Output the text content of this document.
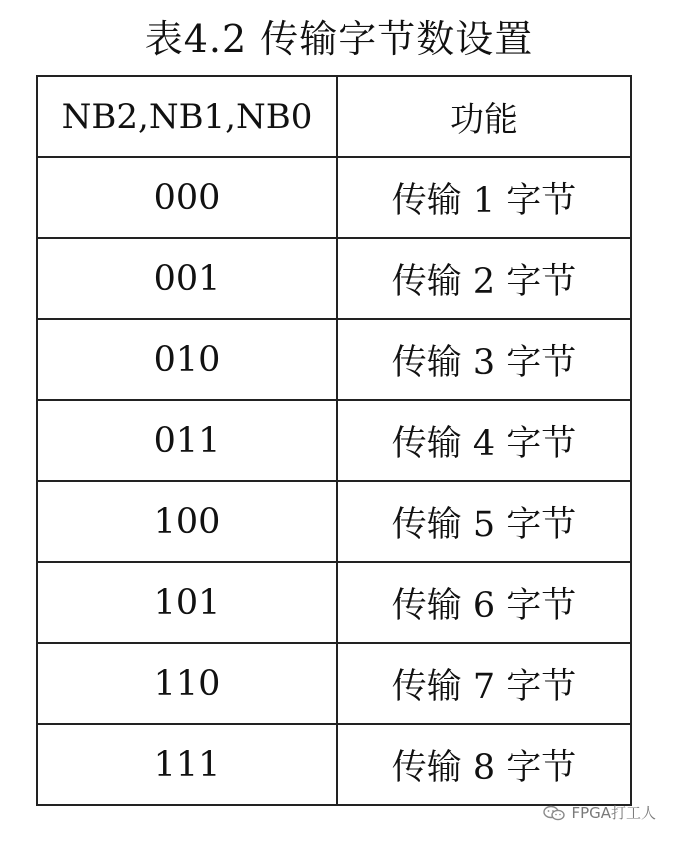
表4.2 传输字节数设置
NB2,NB1,NB0	功能
000	传输 1 字节
001	传输 2 字节
010	传输 3 字节
011	传输 4 字节
100	传输 5 字节
101	传输 6 字节
110	传输 7 字节
111	传输 8 字节
FPGA打工人
